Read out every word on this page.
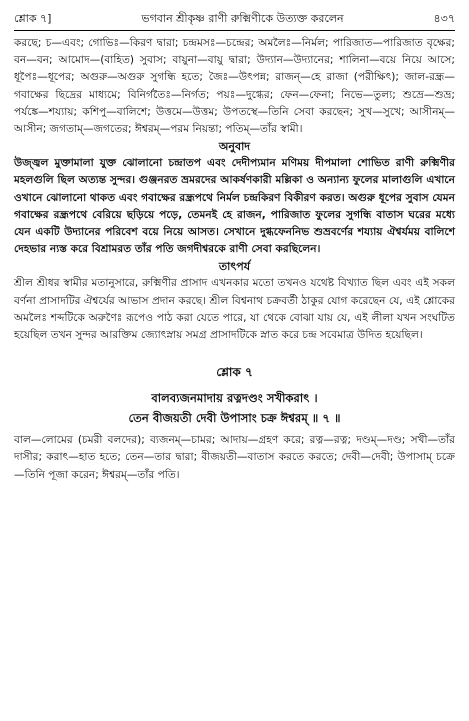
শ্লোক ৭]	ভগবান শ্রীকৃষ্ণ রাণী রুক্মিণীকে উত্যক্ত করলেন	৪৩৭

করছে; চ—এবং; গোভিঃ—কিরণ দ্বারা; চন্দ্রমসঃ—চন্দ্রের; অমলৈঃ—নির্মল; পারিজাত—পারিজাত বৃক্ষের; বন—বন; আমোদ—(বাহিত) সুবাস; বায়ুনা—বায়ু দ্বারা; উদ্যান—উদ্যানের; শালিনা—বয়ে নিয়ে আসে; ধূপৈঃ—ধূপের; অগুরু—অগুরু সুগন্ধি হতে; জৈঃ—উৎপন্ন; রাজন্—হে রাজা (পরীক্ষিৎ); জাল-রন্ধ্র—গবাক্ষের ছিদ্রের মাধ্যমে; বিনির্গতৈঃ—নির্গত; পয়ঃ—দুগ্ধের; ফেন—ফেনা; নিভে—তুল্য; শুভ্রে—শুভ্র; পর্যঙ্কে—শয্যায়; কশিপু—বালিশে; উত্তমে—উত্তম; উপতস্থে—তিনি সেবা করছেন; সুখ—সুখে; আসীনম্—আসীন; জগতাম্—জগতের; ঈশ্বরম্—পরম নিয়ন্তা; পতিম্—তাঁর স্বামী।

অনুবাদ

উজ্জ্বল মুক্তামালা যুক্ত ঝোলানো চন্দ্রাতপ এবং দেদীপ্যমান মণিময় দীপমালা শোভিত রাণী রুক্মিণীর মহলগুলি ছিল অত্যন্ত সুন্দর। গুঞ্জনরত ভ্রমরদের আকর্ষণকারী মল্লিকা ও অন্যান্য ফুলের মালাগুলি এখানে ওখানে ঝোলানো থাকত এবং গবাক্ষের রন্ধ্রপথে নির্মল চন্দ্রকিরণ বিকীরণ করত। অগুরু ধূপের সুবাস যেমন গবাক্ষের রন্ধ্রপথে বেরিয়ে ছড়িয়ে পড়ে, তেমনই হে রাজন, পারিজাত ফুলের সুগন্ধি বাতাস ঘরের মধ্যে যেন একটি উদ্যানের পরিবেশ বয়ে নিয়ে আসত। সেখানে দুগ্ধফেননিভ শুভ্রবর্ণের শয্যায় ঐশ্বর্যময় বালিশে দেহভার ন্যস্ত করে বিশ্রামরত তাঁর পতি জগদীশ্বরকে রাণী সেবা করছিলেন।

তাৎপর্য

শ্রীল শ্রীধর স্বামীর মতানুসারে, রুক্মিণীর প্রাসাদ এখনকার মতো তখনও যথেষ্ট বিখ্যাত ছিল এবং এই সকল বর্ণনা প্রাসাদটির ঐশ্বর্যের আভাস প্রদান করছে। শ্রীল বিশ্বনাথ চক্রবর্তী ঠাকুর যোগ করেছেন যে, এই শ্লোকের অমলৈঃ শব্দটিকে অরুণৈঃ রূপেও পাঠ করা যেতে পারে, যা থেকে বোঝা যায় যে, এই লীলা যখন সংঘটিত হয়েছিল তখন সুন্দর আরক্তিম জ্যোৎস্নায় সমগ্র প্রাসাদটিকে স্নাত করে চন্দ্র সবেমাত্র উদিত হয়েছিল।

শ্লোক ৭

বালব্যজনমাদায় রত্নদণ্ডং সখীকরাৎ ।

তেন বীজয়তী দেবী উপাসাং চক্র ঈশ্বরম্ ॥ ৭ ॥

বাল—লোমের (চমরী বলদের); ব্যজনম্—চামর; আদায়—গ্রহণ করে; রত্ন—রত্ন; দণ্ডম্—দণ্ড; সখী—তাঁর দাসীর; করাৎ—হাত হতে; তেন—তার দ্বারা; বীজয়তী—বাতাস করতে করতে; দেবী—দেবী; উপাসাম্ চক্রে—তিনি পূজা করেন; ঈশ্বরম্—তাঁর পতি।
